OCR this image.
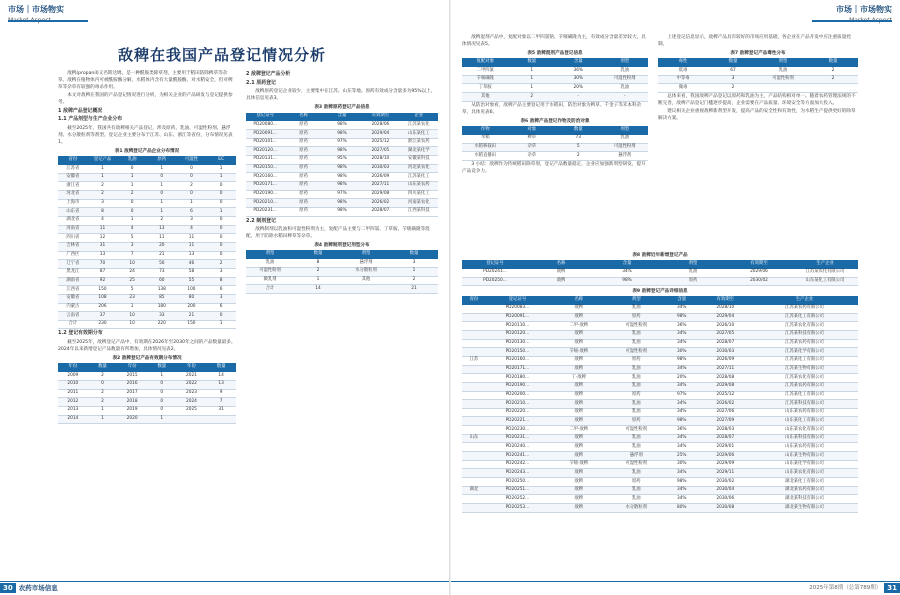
市场｜市场物实	市场｜市场物实
敌稗在我国产品登记情况分析

敌稗(propanil)又名斯达姆，是一种酰胺类除草剂，主要用于稻田防除稗草等杂草。敌稗在植物体内可被酰胺酶分解，水稻体内含有大量酰胺酶，对水稻安全，但对稗草等杂草有较强的毒杀作用。

本文对敌稗在我国的产品登记情况进行分析，为相关企业的产品研发与登记提供参考。

1 敌稗产品登记概况
1.1 产品剂型与生产企业分布

截至2025年，我国共有敌稗相关产品登记，涉及原药、乳油、可湿性粉剂、悬浮剂、水分散粒剂等剂型。登记企业主要分布于江苏、山东、浙江等省份，分布情况见表1。

表1 敌稗登记产品企业分布情况
省份	登记产品	乳油	原药	可湿性	EC
江苏省	1	0	1	0	1
安徽省	1	1	0	0	1
浙江省	2	1	1	2	0
河北省	2	2	0	0	0
上海市	3	0	1	1	0
山东省	8	0	1	6	1
湖北省	4	1	2	3	0
河南省	11	4	13	4	0
四川省	12	5	11	11	0
吉林省	31	3	20	11	0
广西区	13	7	21	13	0
辽宁省	70	10	50	46	2
黑龙江	87	24	73	58	3
湖南省	92	25	60	55	8
江西省	150	5	138	100	6
安徽省	108	23	85	80	3
内蒙古	206	1	180	200	6
云南省	37	10	33	21	0
合计	230	10	220	150	1
1.2 登记有效期分布

截至2025年，敌稗登记产品中，有效期在2026年至2030年之间的产品数量最多。2024年以来新增登记产品数量有所增加，具体情况见表2。

表2 敌稗登记产品有效期分布情况
年份	数量	年份	数量	年份	数量
2009	2	2015	1	2021	14
2010	0	2016	0	2022	13
2011	2	2017	0	2023	9
2012	2	2018	0	2024	7
2013	1	2019	0	2025	31
2014	1	2020	1		
2 敌稗登记产品分析
2.1 原药登记

敌稗原药登记企业较少，主要集中在江苏、山东等地。原药有效成分含量多为95%以上，具体信息见表3。

表3 敌稗原药登记产品信息
登记证号	名称	含量	有效期至	企业
PD20080...	原药	98%	2028/06	江苏某农化
PD20091...	原药	98%	2029/04	山东某化工
PD20101...	原药	97%	2025/12	浙江某农药
PD20120...	原药	98%	2027/05	湖北某化学
PD20131...	原药	95%	2028/10	安徽某科技
PD20150...	原药	98%	2030/03	河北某农化
PD20160...	原药	98%	2026/09	江苏某化工
PD20171...	原药	98%	2027/11	山东某农药
PD20190...	原药	97%	2029/08	四川某化工
PD20210...	原药	98%	2026/02	河南某农化
PD20231...	原药	98%	2028/07	江西某科技
2.2 制剂登记

敌稗制剂以乳油和可湿性粉剂为主，复配产品主要与二甲四氯、丁草胺、苄嘧磺隆等混配，用于防除水稻田稗草等杂草。

表4 敌稗制剂登记剂型分布
剂型	数量	剂型	数量
乳油	8	悬浮剂	3
可湿性粉剂	2	水分散粒剂	1
微乳剂	1	其他	2
合计	14		21

敌稗混剂产品中，复配对象以二甲四氯钠、苄嘧磺隆为主，有效成分含量差异较大，具体情况见表5。

表5 敌稗混剂产品登记信息
复配对象	数量	含量	剂型
二甲四氯	1	36%	乳油
苄嘧磺隆	1	30%	可湿性粉剂
丁草胺	1	20%	乳油
其他	2	-	-

从防治对象看，敌稗产品主要登记用于水稻田，防治对象为稗草、千金子等禾本科杂草，具体见表6。

表6 敌稗产品登记作物及防治对象
作物	对象	数量	剂型
水稻	稗草	73	乳油
水稻移栽田	杂草	5	可湿性粉剂
水稻直播田	杂草	2	悬浮剂

3 小结：敌稗作为传统稻田除草剂，登记产品数量稳定，企业应加强新剂型研发，提升产品竞争力。

上述登记信息显示，敌稗产品具有较好的市场应用基础，各企业在产品开发中应注重质量控制。

表7 敌稗登记产品毒性分布
毒性	数量	剂型	数量
低毒	67	乳油	2
中等毒	3	可湿性粉剂	2
微毒	2		

总体来看，我国敌稗产品登记以原药和乳油为主，产品结构相对单一。随着农药管理法规的不断完善，敌稗产品登记门槛逐步提高，企业需要在产品质量、环境安全等方面加大投入。

建议相关企业重视敌稗新剂型开发，提高产品的安全性和有效性，为水稻生产提供更好的除草解决方案。

表8 敌稗近年新增登记产品
登记证号	名称	含量	剂型	有效期至	生产企业
PD20241...	敌稗	34%	乳油	2029/06	江苏某农化有限公司
PD20250...	敌稗	98%	原药	2030/02	山东某化工有限公司
表9 敌稗登记产品详细信息
省份	登记证号	名称	剂型	含量	有效期至	生产企业
	PD20083...	敌稗	乳油	34%	2028/10	江苏某农药有限公司
	PD20091...	敌稗	原药	98%	2029/04	江苏某化工有限公司
	PD20110...	二甲·敌稗	可湿性粉剂	36%	2026/10	江苏某农化有限公司
	PD20120...	敌稗	乳油	34%	2027/05	江苏某科技有限公司
	PD20130...	敌稗	乳油	34%	2028/07	江苏某农药有限公司
	PD20150...	苄嘧·敌稗	可湿性粉剂	30%	2030/03	江苏某化学有限公司
江苏	PD20160...	敌稗	原药	98%	2026/09	江苏某化工有限公司
	PD20171...	敌稗	乳油	34%	2027/11	江苏某生物有限公司
	PD20180...	丁·敌稗	乳油	20%	2028/08	江苏某农化有限公司
	PD20190...	敌稗	乳油	34%	2029/08	江苏某农药有限公司
	PD20200...	敌稗	原药	97%	2025/12	江苏某化工有限公司
	PD20210...	敌稗	乳油	34%	2026/02	江苏某科技有限公司
	PD20220...	敌稗	乳油	34%	2027/06	山东某农药有限公司
	PD20221...	敌稗	原药	98%	2027/09	山东某化工有限公司
	PD20230...	二甲·敌稗	可湿性粉剂	36%	2028/03	山东某农化有限公司
山东	PD20231...	敌稗	乳油	34%	2028/07	山东某科技有限公司
	PD20240...	敌稗	乳油	34%	2029/01	山东某农药有限公司
	PD20241...	敌稗	悬浮剂	25%	2029/06	山东某生物有限公司
	PD20242...	苄嘧·敌稗	可湿性粉剂	30%	2029/09	山东某化学有限公司
	PD20243...	敌稗	乳油	34%	2029/11	山东某农化有限公司
	PD20250...	敌稗	原药	98%	2030/02	湖北某化工有限公司
湖北	PD20251...	敌稗	乳油	34%	2030/04	湖北某农药有限公司
	PD20252...	敌稗	乳油	34%	2030/06	湖北某科技有限公司
	PD20253...	敌稗	水分散粒剂	80%	2030/08	湖北某生物有限公司
30 农药市场信息	2025年第8期（总第789期） 31
